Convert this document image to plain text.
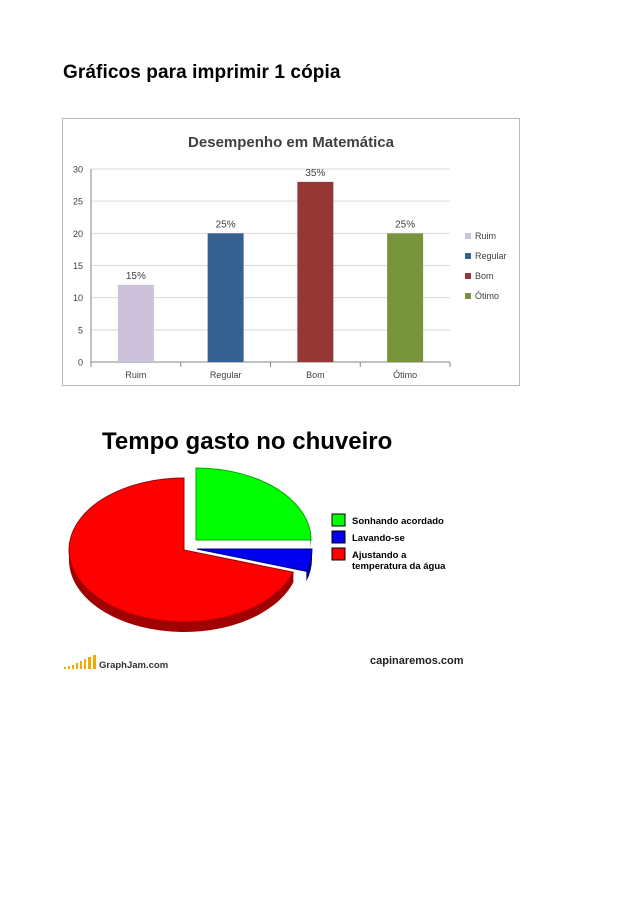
Gráficos para imprimir 1 cópia
Desempenho em Matemática
0
5
10
15
20
25
30
15%
Ruim
25%
Regular
35%
Bom
25%
Ótimo
Ruim
Regular
Bom
Ótimo
Tempo gasto no chuveiro
Sonhando acordado
Lavando-se
Ajustando a
temperatura da água
GraphJam.com	capinaremos.com
